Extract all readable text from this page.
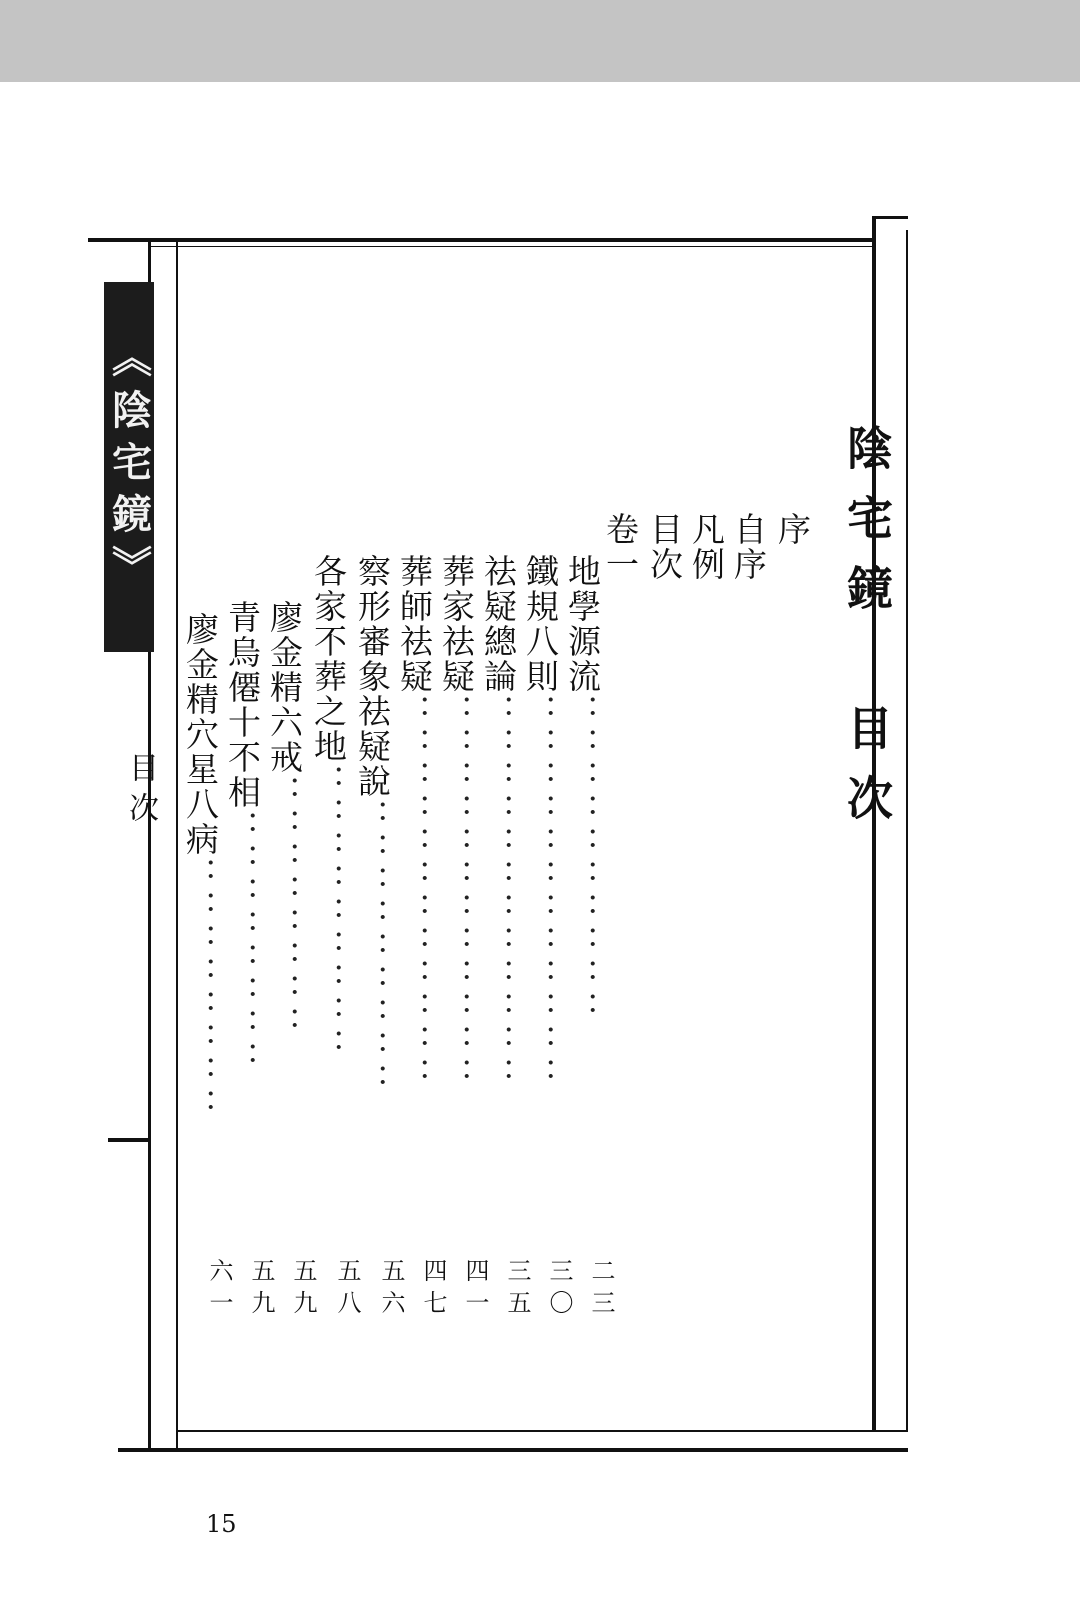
《陰宅鏡》
目次	陰宅鏡　目次
序
自序
凡例
目次
卷一
地學源流：：：：：：：：：：
二三
鐵規八則：：：：：：：：：：：：
三〇
祛疑總論：：：：：：：：：：：：
三五
葬家祛疑：：：：：：：：：：：：
四一
葬師祛疑：：：：：：：：：：：：
四七
察形審象祛疑說：：：：：：：：：
五六
各家不葬之地：：：：：：：：：
五八
廖金精六戒：：：：：：：：
五九
青烏僊十不相：：：：：：：：
五九
廖金精穴星八病：：：：：：：：
六一
15
